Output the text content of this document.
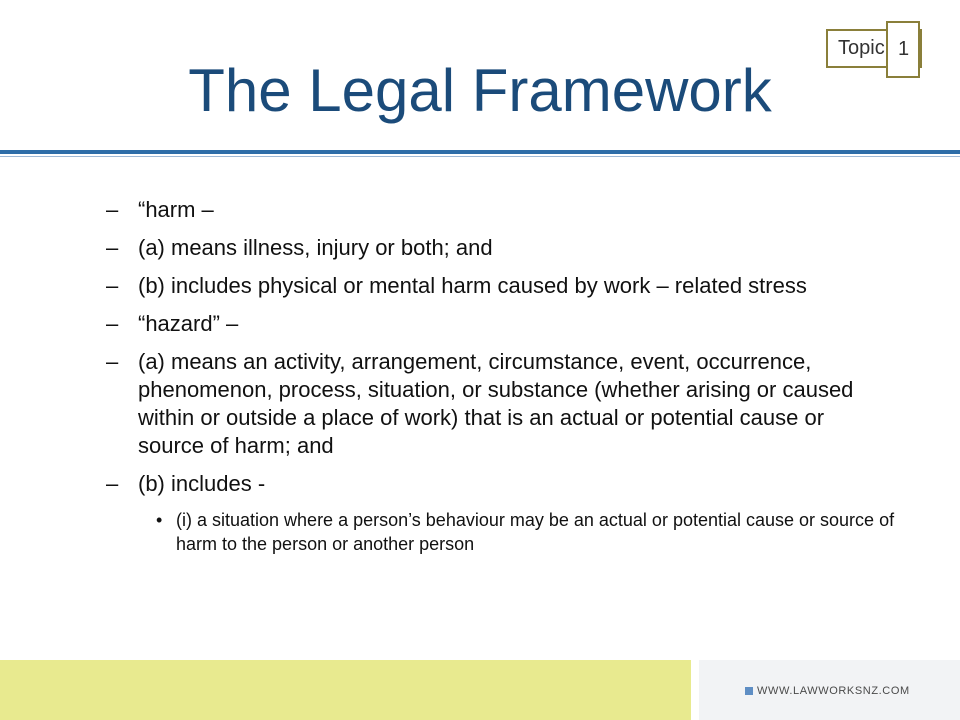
The Legal Framework
Topic 1
– “harm –
– (a) means illness, injury or both; and
– (b) includes physical or mental harm caused by work – related stress
– “hazard” –
– (a) means an activity, arrangement, circumstance, event, occurrence, phenomenon, process, situation, or substance (whether arising or caused within or outside a place of work) that is an actual or potential cause or source of harm; and
– (b) includes -
• (i) a situation where a person’s behaviour may be an actual or potential cause or source of harm to the person or another person
WWW.LAWWORKSNZ.COM
